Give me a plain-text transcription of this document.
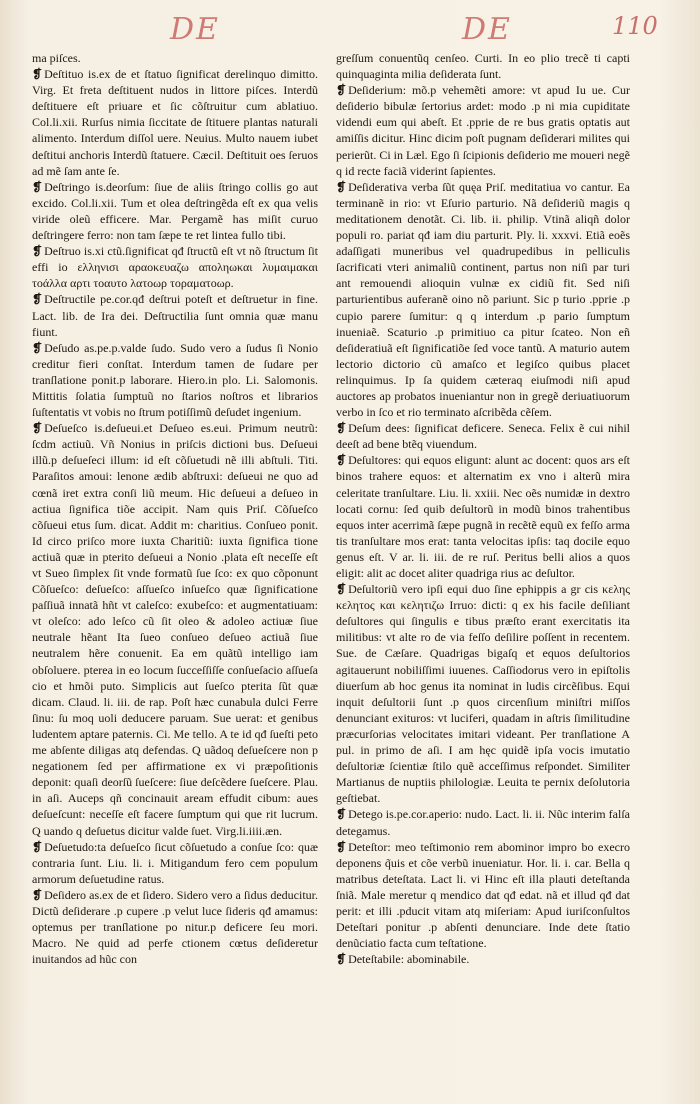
DE	DE	110

ma piſces.

❡ Deſtituo is.ex de et ſtatuo ſignificat derelinquo dimitto. Virg. Et freta deſtituent nudos in littore piſces. Interdũ deſtituere eſt priuare et ſic cõſtruitur cum ablatiuo. Col.li.xii. Rurſus nimia ſiccitate de ſtituere plantas naturali alimento. Interdum diſſol uere. Neuius. Multo nauem iubet deſtitui anchoris Interdũ ſtatuere. Cæcil. Deſtituit oes ſeruos ad mẽ ſam ante ſe.

❡ Deſtringo is.deorſum: ſiue de aliis ſtringo collis go aut excido. Col.li.xii. Tum et olea deſtringẽda eſt ex qua velis viride oleũ efficere. Mar. Pergamẽ has miſit curuo deſtringere ferro: non tam ſæpe te ret lintea fullo tibi.

❡ Deſtruo is.xi ctũ.ſignificat qđ ſtructũ eſt vt nõ ſtructum ſit effi io ελληνισι αραοκευαζω αποληωκαι λυμαιμακαι τοάλλα αρτι τοαυτο λατοωρ τοραματοωρ.

❡ Deſtructile pe.cor.qđ deſtrui poteſt et deſtruetur in fine. Lact. lib. de Ira dei. Deſtructilia ſunt omnia quæ manu fiunt.

❡ Deſudo as.pe.p.valde ſudo. Sudo vero a ſudus ſi Nonio creditur fieri conſtat. Interdum tamen de ſudare per tranſlatione ponit.p laborare. Hiero.in plo. Li. Salomonis. Mittitis ſolatia ſumptuũ no ſtarios noſtros et librarios ſuſtentatis vt vobis no ſtrum potiſſimũ deſudet ingenium.

❡ Deſueſco is.deſueui.et Deſueo es.eui. Primum neutrũ: ſcdm actiuũ. Vñ Nonius in priſcis dictioni bus. Deſueui illũ.p deſueſeci illum: id eſt cõſuetudi nẽ illi abſtuli. Titi. Paraſitos amoui: lenone ædib abſtruxi: deſueui ne quo ad cœnã iret extra conſi liũ meum. Hic deſueui a deſueo in actiua ſignifica tiõe accipit. Nam quis Priſ. Cõſueſco cõſueui etus ſum. dicat. Addit m: charitius. Conſueo ponit. Id circo priſco more iuxta Charitiũ: iuxta ſignifica tione actiuã quæ in pterito deſueui a Nonio .plata eſt neceſſe eſt vt Sueo ſimplex ſit vnde formatũ ſue ſco: ex quo cõponunt Cõſueſco: deſueſco: aſſueſco inſueſco quæ ſignificatione paſſiuã innatã hñt vt caleſco: exubeſco: et augmentatiuam: vt oleſco: ado leſco cũ ſit oleo & adoleo actiuæ ſiue neutrale hẽant Ita ſueo conſueo deſueo actiuã ſiue neutralem hẽre conuenit. Ea em quãtũ intelligo iam obſoluere. pterea in eo locum ſucceſſiſſe conſueſacio aſſueſa cio et hmõi puto. Simplicis aut ſueſco pterita ſũt quæ dicam. Claud. li. iii. de rap. Poſt hæc cunabula dulci Ferre ſinu: ſu moq uoli deducere paruam. Sue uerat: et genibus ludentem aptare paternis. Ci. Me tello. A te id qđ ſueſti peto me abſente diligas atq defendas. Q uãdoq deſueſcere non p negationem ſed per affirmatione ex vi præpoſitionis deponit: quaſi deorſũ ſueſcere: ſiue deſcẽdere ſueſcere. Plau. in aſi. Auceps qñ concinauit aream effudit cibum: aues deſueſcunt: neceſſe eſt facere ſumptum qui que rit lucrum. Q uando q deſuetus dicitur valde ſuet. Virg.li.iiii.æn.

❡ Deſuetudo:ta deſueſco ſicut cõſuetudo a conſue ſco: quæ contraria ſunt. Liu. li. i. Mitigandum fero cem populum armorum deſuetudine ratus.

❡ Deſidero as.ex de et ſidero. Sidero vero a ſidus deducitur. Dictũ deſiderare .p cupere .p velut luce ſideris qđ amamus: optemus per tranſlatione po nitur.p deficere ſeu mori. Macro. Ne quid ad perfe ctionem cœtus deſideretur inuitandos ad hũc con

greſſum conuentũq cenſeo. Curti. In eo plio trecẽ ti capti quinquaginta milia deſiderata ſunt.

❡ Deſiderium: mõ.p vehemẽti amore: vt apud Iu ue. Cur deſiderio bibulæ ſertorius ardet: modo .p ni mia cupiditate videndi eum qui abeſt. Et .pprie de re bus gratis optatis aut amiſſis dicitur. Hinc dicim poſt pugnam deſiderari milites qui perierũt. Ci in Læl. Ego ſi ſcipionis deſiderio me moueri negẽ q id recte faciã viderint ſapientes.

❡ Deſiderativa verba ſũt quęa Priſ. meditatiua vo cantur. Ea terminanẽ in rio: vt Eſurio parturio. Nã deſideriũ magis q meditationem denotãt. Ci. lib. ii. philip. Vtinã aliqñ dolor populi ro. pariat qđ iam diu parturit. Ply. li. xxxvi. Etiã eoẽs adaſſigati muneribus vel quadrupedibus in pelliculis ſacrificati vteri animaliũ continent, partus non niſi par turi ant remouendi alioquin vulnæ ex cidiũ fit. Sed niſi parturientibus auferanẽ oino nõ pariunt. Sic p turio .pprie .p cupio parere ſumitur: q q interdum .p pario ſumptum inueniaẽ. Scaturio .p primitiuo ca pitur ſcateo. Non eñ deſideratiuã eſt ſignificatiõe ſed voce tantũ. A maturio autem lectorio dictorio cũ amaſco et legiſco quibus placet relinquimus. Ip ſa quidem cæteraq eiuſmodi niſi apud auctores ap probatos inueniantur non in gregẽ deriuatiuorum verbo in ſco et rio terminato aſcribẽda cẽſem.

❡ Deſum dees: ſignificat deficere. Seneca. Felix ẽ cui nihil deeſt ad bene btẽq viuendum.

❡ Deſultores: qui equos eligunt: alunt ac docent: quos ars eſt binos trahere equos: et alternatim ex vno i alterũ mira celeritate tranſultare. Liu. li. xxiii. Nec oẽs numidæ in dextro locati cornu: ſed quib deſultorũ in modũ binos trahentibus equos inter acerrimã ſæpe pugnã in recẽtẽ equũ ex feſſo arma tis tranſultare mos erat: tanta velocitas ipſis: taq docile equo genus eſt. V ar. li. iii. de re ruſ. Peritus belli alios a quos eligit: alit ac docet aliter quadriga rius ac deſultor.

❡ Deſultoriũ vero ipſi equi duo ſine ephippis a gr cis κελης κελητος και κελητιζω Irruo: dicti: q ex his facile deſiliant deſultores qui ſingulis e tibus præſto erant exercitatis ita militibus: vt alte ro de via feſſo deſilire poſſent in recentem. Sue. de Cæſare. Quadrigas bigaſq et equos deſultorios agitauerunt nobiliſſimi iuuenes. Caſſiodorus vero in epiſtolis diuerſum ab hoc genus ita nominat in ludis circẽſibus. Equi inquit deſultorii ſunt .p quos circenſium miniſtri miſſos denunciant exituros: vt luciferi, quadam in aſtris ſimilitudine præcurſorias velocitates imitari videant. Per tranſlatione A pul. in primo de aſi. I am hęc quidẽ ipſa vocis imutatio deſultoriæ ſcientiæ ſtilo quẽ acceſſimus reſpondet. Similiter Martianus de nuptiis philologiæ. Leuita te pernix deſolutoria geſtiebat.

❡ Detego is.pe.cor.aperio: nudo. Lact. li. ii. Nũc interim falſa detegamus.

❡ Deteſtor: meo teſtimonio rem abominor impro bo execro deponens q̃uis et cõe verbũ inueniatur. Hor. li. i. car. Bella q matribus deteſtata. Lact li. vi Hinc eſt illa plauti deteſtanda ſniã. Male meretur q mendico dat qđ edat. nã et illud qđ dat perit: et illi .pducit vitam atq miſeriam: Apud iuriſconſultos Deteſtari ponitur .p abſenti denunciare. Inde dete ſtatio denũciatio facta cum teſtatione.

❡ Deteſtabile: abominabile.
